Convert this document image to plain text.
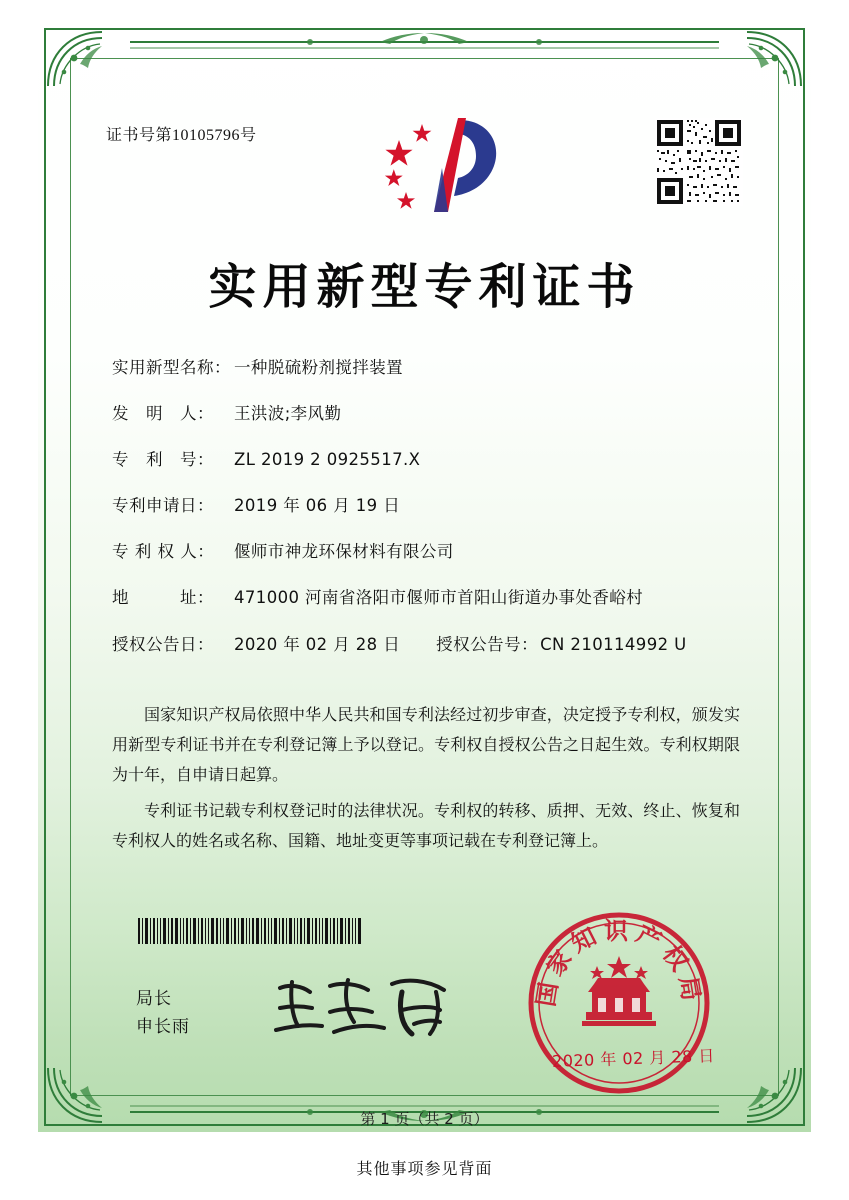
证书号第10105796号
实用新型专利证书
实用新型名称： 一种脱硫粉剂搅拌装置
发　明　人：	王洪波;李风勤
专　利　号：	ZL 2019 2 0925517.X
专利申请日：	2019 年 06 月 19 日
专 利 权 人：	偃师市神龙环保材料有限公司
地　　　址：	471000 河南省洛阳市偃师市首阳山街道办事处香峪村
授权公告日：	2020 年 02 月 28 日 授权公告号： CN 210114992 U

国家知识产权局依照中华人民共和国专利法经过初步审查，决定授予专利权，颁发实用新型专利证书并在专利登记簿上予以登记。专利权自授权公告之日起生效。专利权期限为十年，自申请日起算。

专利证书记载专利权登记时的法律状况。专利权的转移、质押、无效、终止、恢复和专利权人的姓名或名称、国籍、地址变更等事项记载在专利登记簿上。

局长
申长雨
国家知识产权局
2020 年 02 月 28 日
第 1 页（共 2 页）
其他事项参见背面
